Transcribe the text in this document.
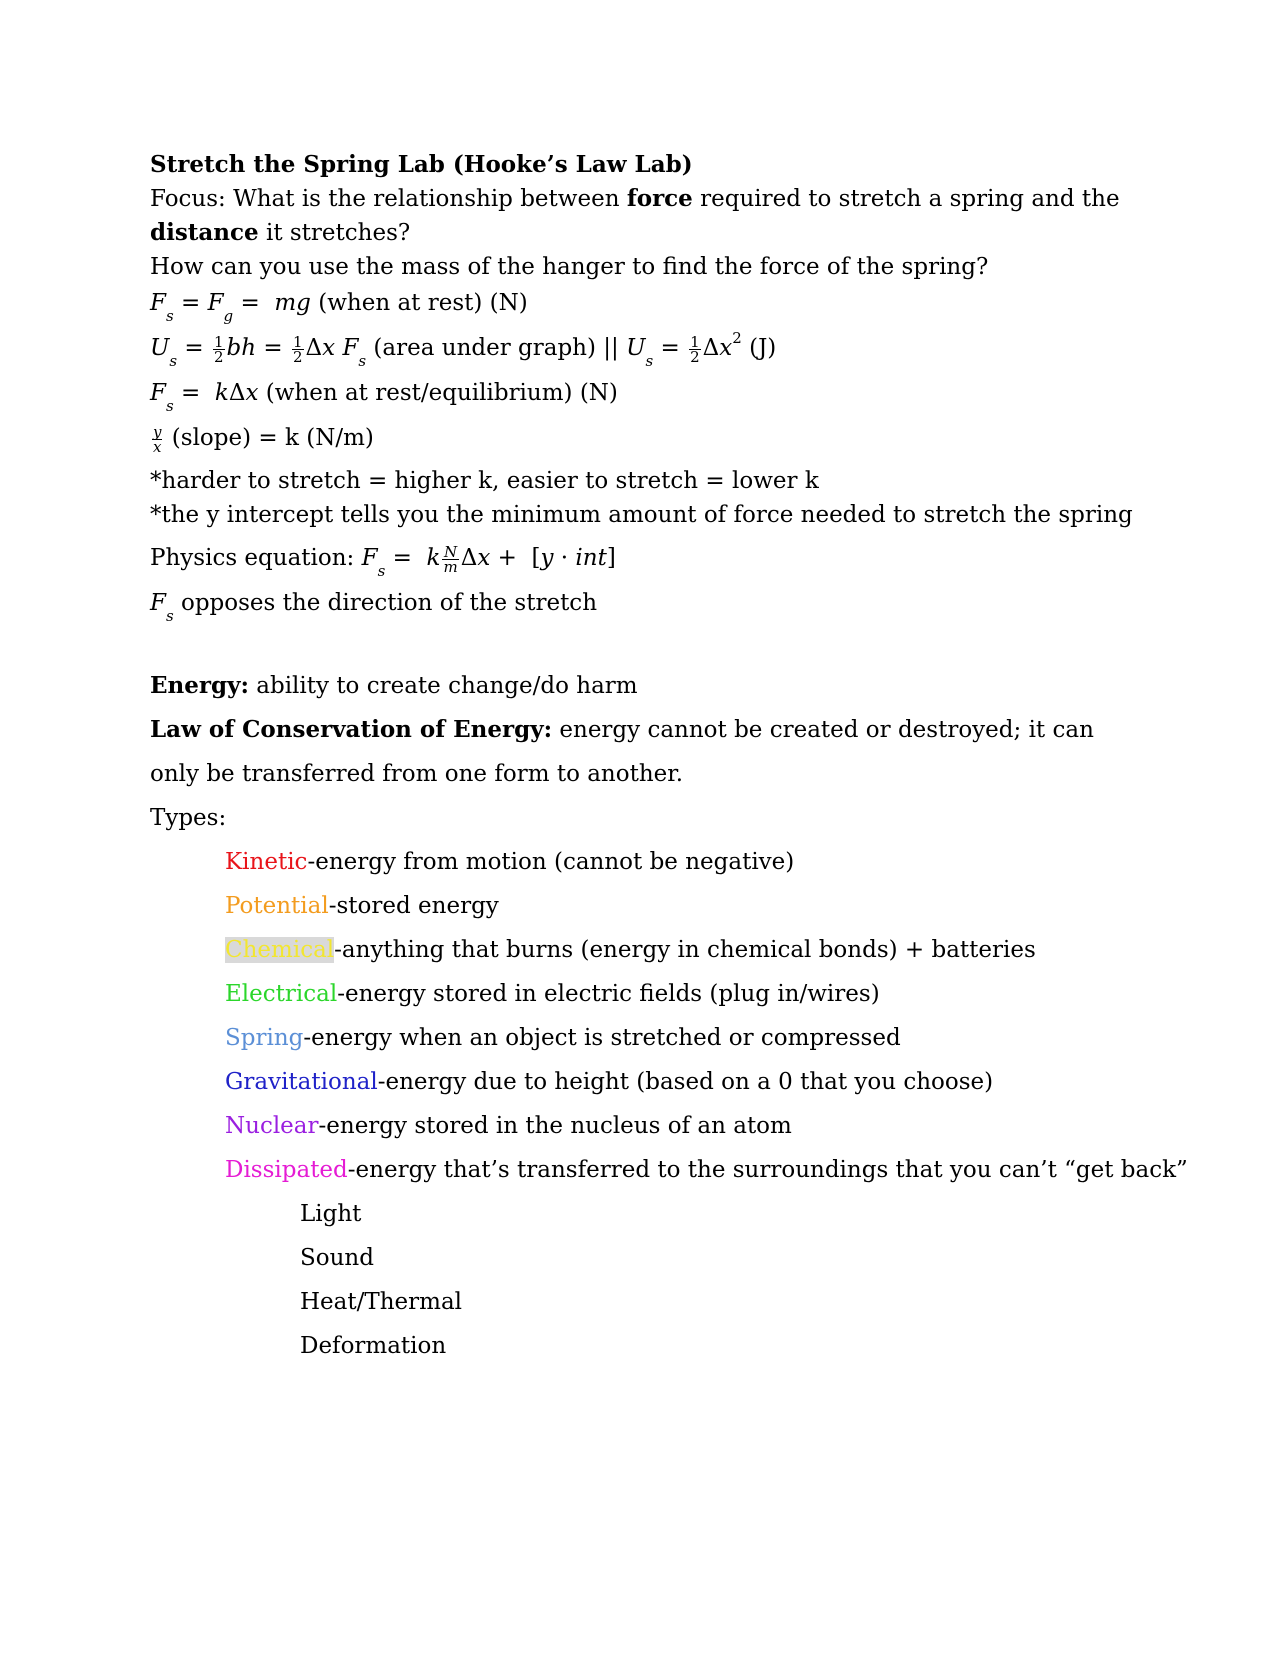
Stretch the Spring Lab (Hooke’s Law Lab)
Focus: What is the relationship between force required to stretch a spring and the distance it stretches?
How can you use the mass of the hanger to find the force of the spring?
$F_s = F_g$ =  mg (when at rest) (N)
$U_s = \frac{1}{2}$ bh = $\frac{1}{2}$ Δx $F_s$ (area under graph) || $U_s = \frac{1}{2} \Delta x^2$ (J)
$F_s = k\Delta x$ (when at rest/equilibrium) (N)
$\frac{y}{x}$ (slope) = k (N/m)
*harder to stretch = higher k, easier to stretch = lower k
*the y intercept tells you the minimum amount of force needed to stretch the spring
Physics equation: $F_s = k \frac{N}{m}$ Δx +  [y · int]
$F_s$ opposes the direction of the stretch
Energy: ability to create change/do harm
Law of Conservation of Energy: energy cannot be created or destroyed; it can only be transferred from one form to another.
Types:
Kinetic-energy from motion (cannot be negative)
Potential-stored energy
Chemical-anything that burns (energy in chemical bonds) + batteries
Electrical-energy stored in electric fields (plug in/wires)
Spring-energy when an object is stretched or compressed
Gravitational-energy due to height (based on a 0 that you choose)
Nuclear-energy stored in the nucleus of an atom
Dissipated-energy that’s transferred to the surroundings that you can’t “get back”
Light
Sound
Heat/Thermal
Deformation
